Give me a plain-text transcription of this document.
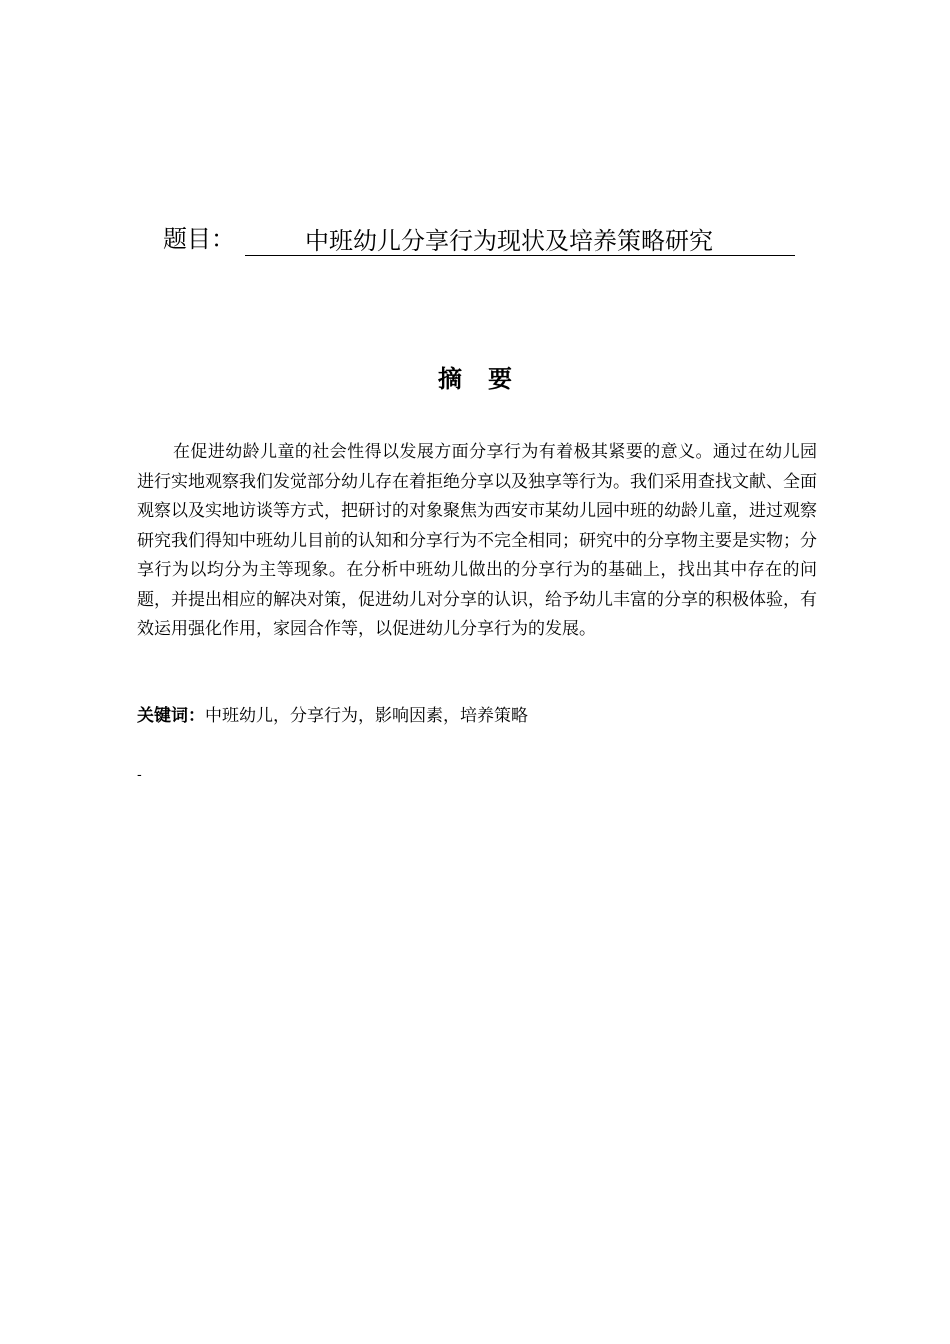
题目：	中班幼儿分享行为现状及培养策略研究
摘 要

在促进幼龄儿童的社会性得以发展方面分享行为有着极其紧要的意义。通过在幼儿园进行实地观察我们发觉部分幼儿存在着拒绝分享以及独享等行为。我们采用查找文献、全面观察以及实地访谈等方式，把研讨的对象聚焦为西安市某幼儿园中班的幼龄儿童，进过观察研究我们得知中班幼儿目前的认知和分享行为不完全相同；研究中的分享物主要是实物；分享行为以均分为主等现象。在分析中班幼儿做出的分享行为的基础上，找出其中存在的问题，并提出相应的解决对策，促进幼儿对分享的认识，给予幼儿丰富的分享的积极体验，有效运用强化作用，家园合作等，以促进幼儿分享行为的发展。

关键词：中班幼儿，分享行为，影响因素，培养策略
-
